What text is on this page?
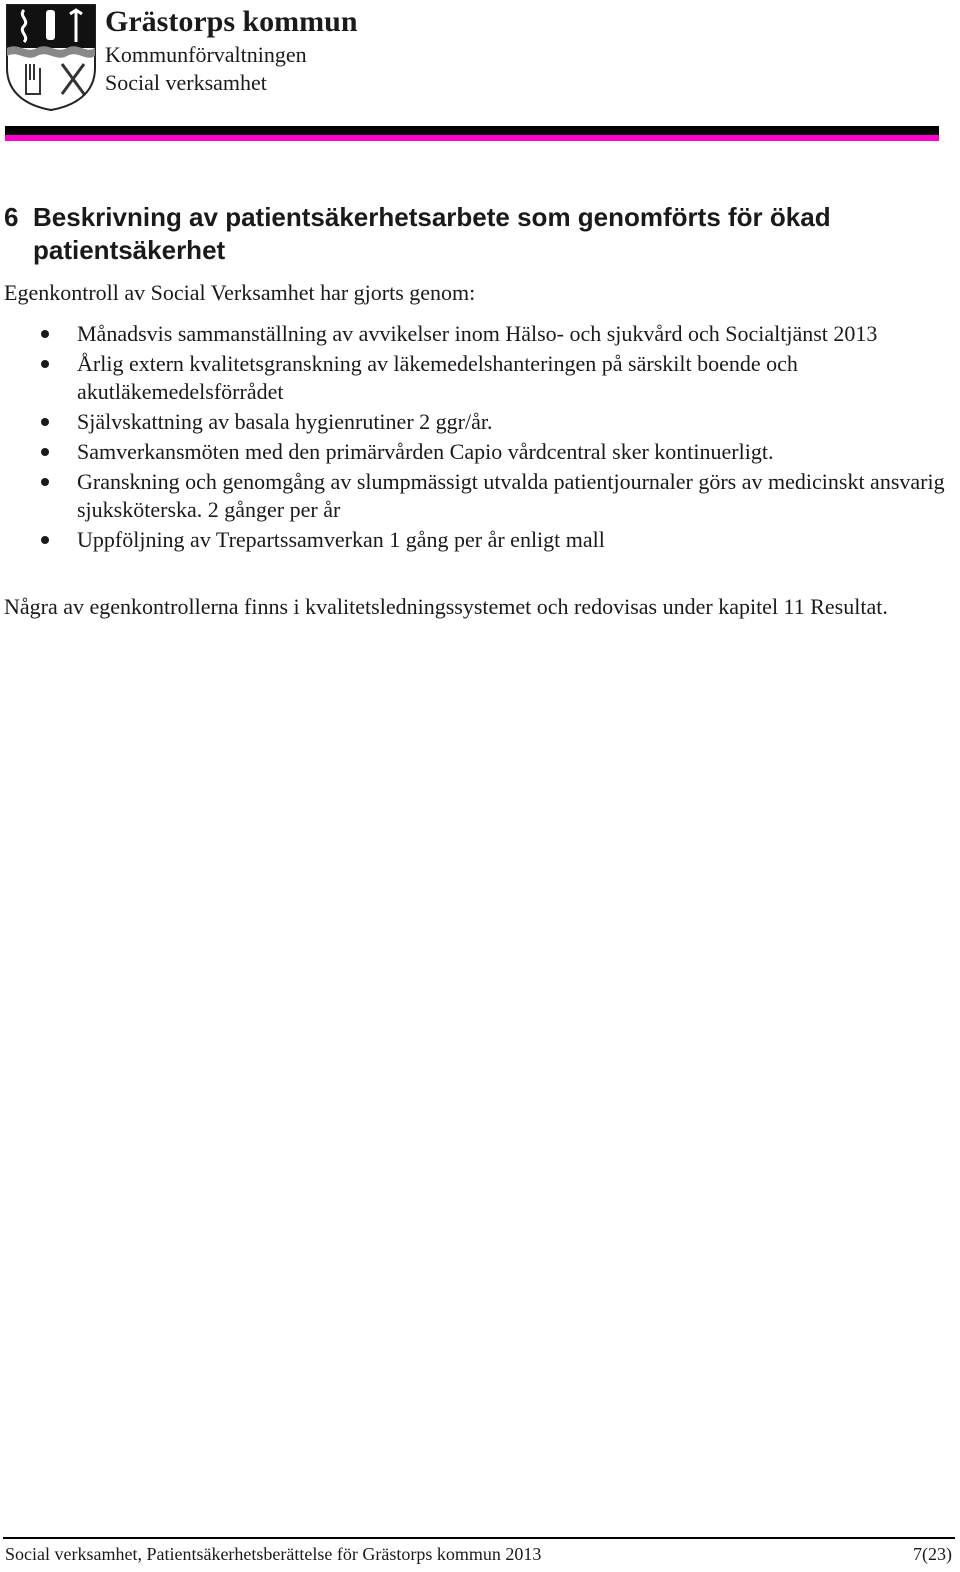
Grästorps kommun
Kommunförvaltningen
Social verksamhet
6 Beskrivning av patientsäkerhetsarbete som genomförts för ökad patientsäkerhet

Egenkontroll av Social Verksamhet har gjorts genom:

Månadsvis sammanställning av avvikelser inom Hälso- och sjukvård och Socialtjänst 2013
Årlig extern kvalitetsgranskning av läkemedelshanteringen på särskilt boende och akutläkemedelsförrådet
Självskattning av basala hygienrutiner 2 ggr/år.
Samverkansmöten med den primärvården Capio vårdcentral sker kontinuerligt.
Granskning och genomgång av slumpmässigt utvalda patientjournaler görs av medicinskt ansvarig sjuksköterska. 2 gånger per år
Uppföljning av Trepartssamverkan 1 gång per år enligt mall

Några av egenkontrollerna finns i kvalitetsledningssystemet och redovisas under kapitel 11 Resultat.

Social verksamhet, Patientsäkerhetsberättelse för Grästorps kommun 2013	7(23)
